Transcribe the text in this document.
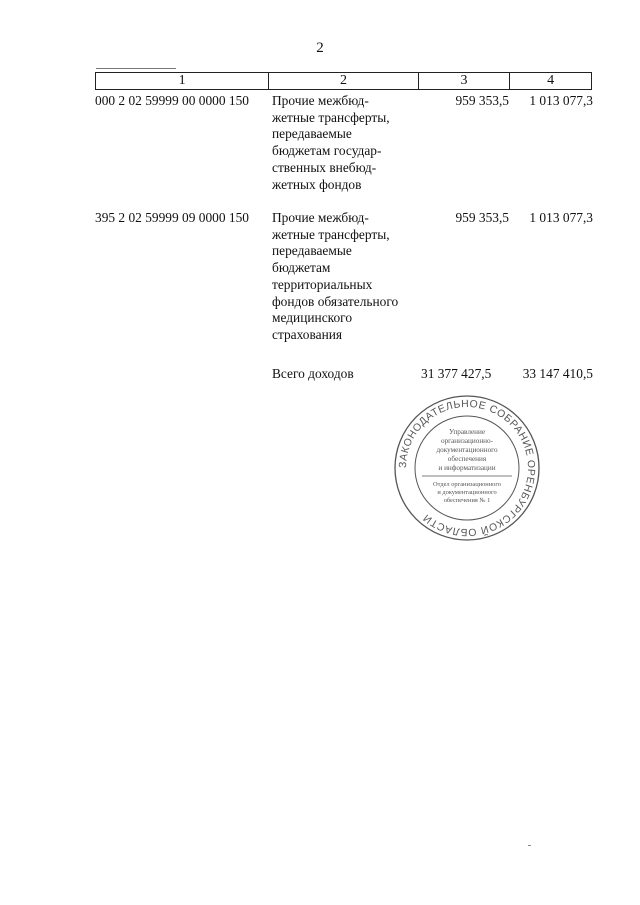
2
1	2	3	4
000 2 02 59999 00 0000 150	Прочие межбюд-
жетные трансферты,
передаваемые
бюджетам государ-
ственных внебюд-
жетных фондов
959 353,5	1 013 077,3
395 2 02 59999 09 0000 150	Прочие межбюд-
жетные трансферты,
передаваемые
бюджетам
территориальных
фондов обязательного
медицинского
страхования
959 353,5	1 013 077,3
Всего доходов	31 377 427,5	33 147 410,5
ЗАКОНОДАТЕЛЬНОЕ СОБРАНИЕ ОРЕНБУРГСКОЙ ОБЛАСТИ
Управление
организационно-
документационного
обеспечения
и информатизации
Отдел организационного
и документационного
обеспечения № 1
